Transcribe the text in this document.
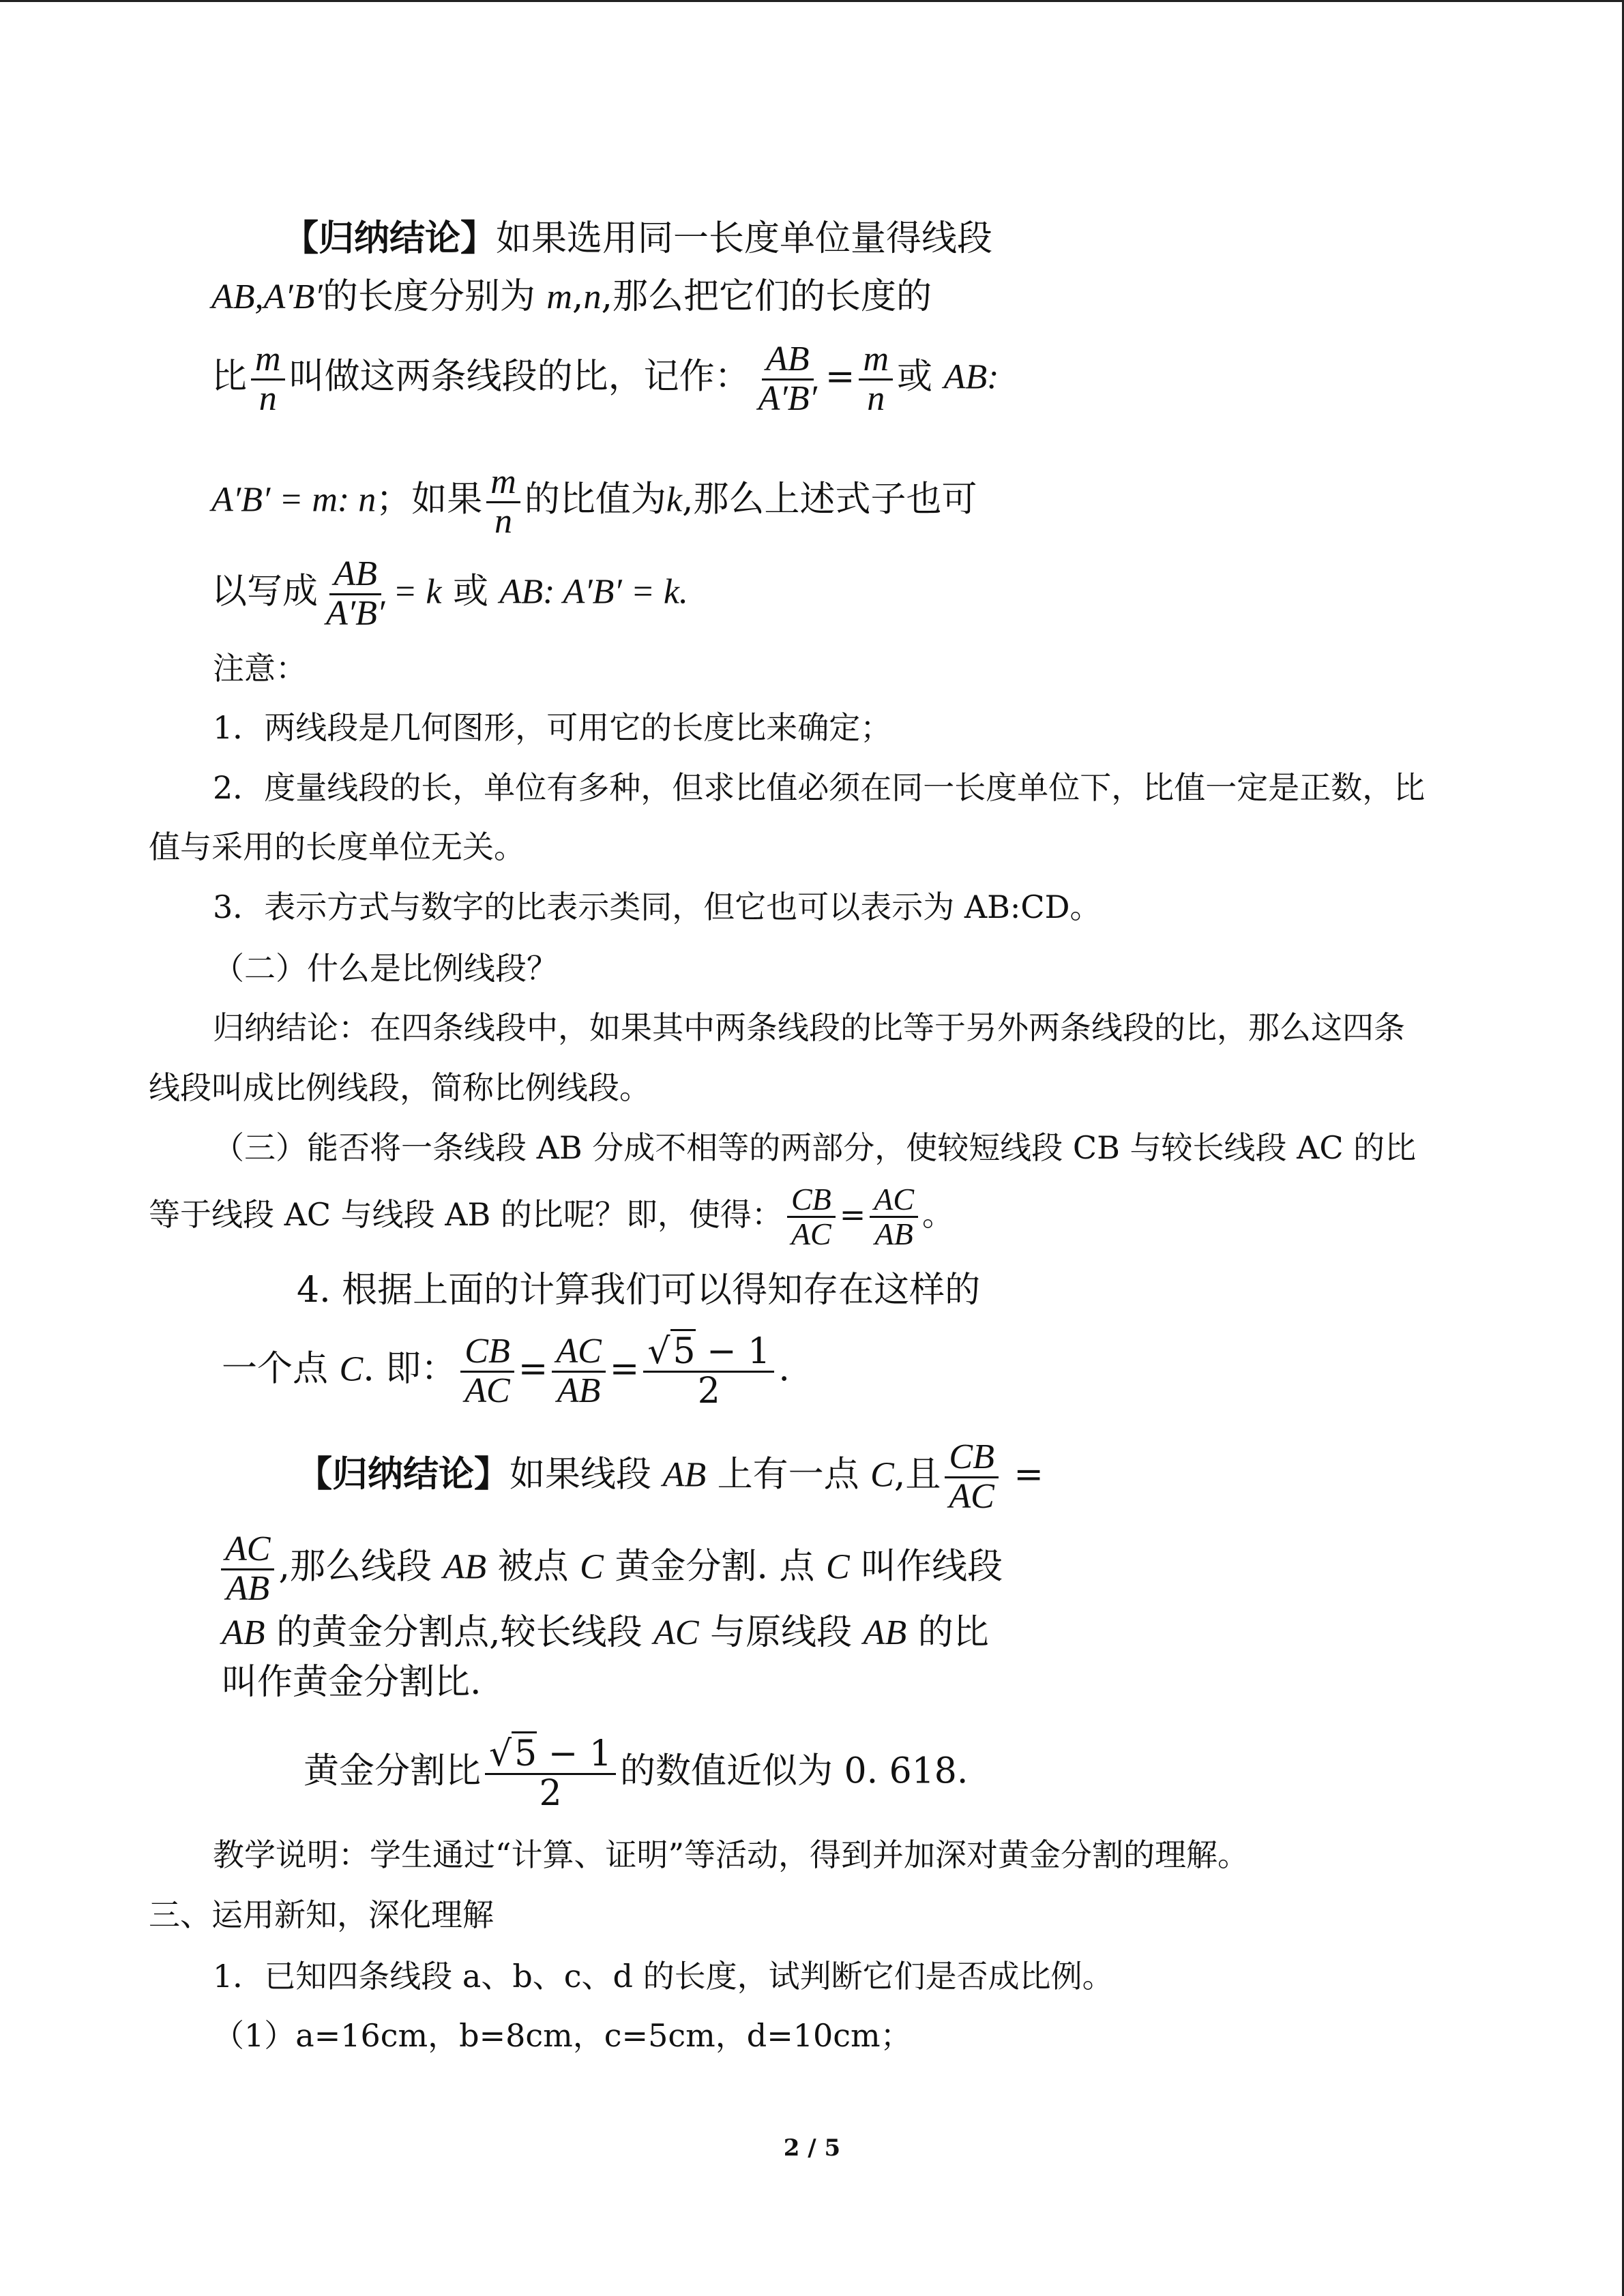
【归纳结论】如果选用同一长度单位量得线段
AB,A′B′的长度分别为 m,n,那么把它们的长度的
比 $\frac{m}{n}$ 叫做这两条线段的比，记作： $\frac{AB}{A'B'} = \frac{m}{n}$ 或 AB:
A′B′ = m: n；如果 $\frac{m}{n}$ 的比值为k,那么上述式子也可
以写成 $\frac{AB}{A'B'} = k$ 或 AB: A′B′ = k.
注意：
1．两线段是几何图形，可用它的长度比来确定；
2．度量线段的长，单位有多种，但求比值必须在同一长度单位下，比值一定是正数，比
值与采用的长度单位无关。
3．表示方式与数字的比表示类同，但它也可以表示为 AB:CD。
（二）什么是比例线段？
归纳结论：在四条线段中，如果其中两条线段的比等于另外两条线段的比，那么这四条
线段叫成比例线段，简称比例线段。
（三）能否将一条线段 AB 分成不相等的两部分，使较短线段 CB 与较长线段 AC 的比
等于线段 AC 与线段 AB 的比呢？即，使得： $\frac{CB}{AC} = \frac{AC}{AB}$ 。
4. 根据上面的计算我们可以得知存在这样的
一个点 C. 即： $\frac{CB}{AC} = \frac{AC}{AB} = \frac{√5 - 1}{2}$ .
【归纳结论】如果线段 AB 上有一点 C,且 $\frac{CB}{AC}$ =
$\frac{AC}{AB}$ ,那么线段 AB 被点 C 黄金分割. 点 C 叫作线段
AB 的黄金分割点,较长线段 AC 与原线段 AB 的比
叫作黄金分割比.
黄金分割比 $\frac{√5 - 1}{2}$ 的数值近似为 0. 618.
教学说明：学生通过“计算、证明”等活动，得到并加深对黄金分割的理解。
三、运用新知，深化理解
1．已知四条线段 a、b、c、d 的长度，试判断它们是否成比例。
（1）a=16cm，b=8cm，c=5cm，d=10cm；
2 / 5
